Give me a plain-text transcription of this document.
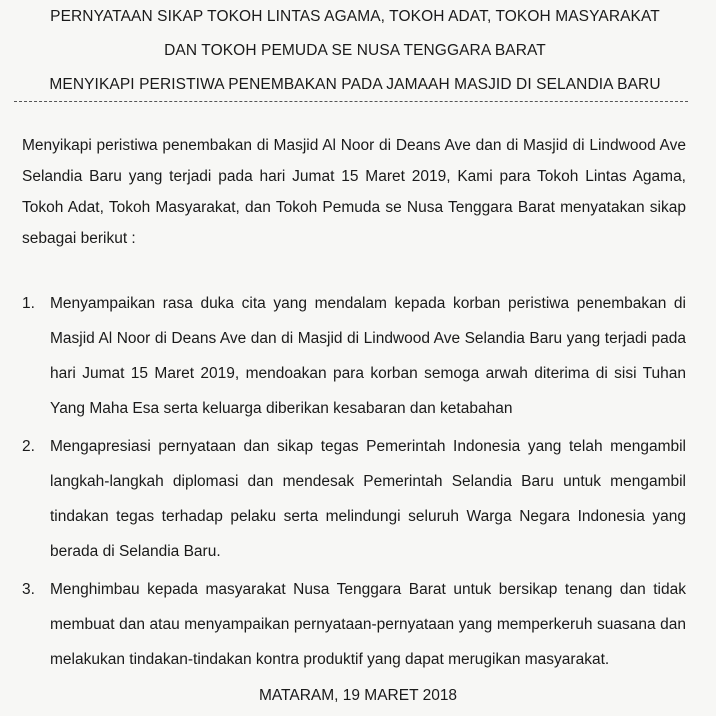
PERNYATAAN SIKAP TOKOH LINTAS AGAMA, TOKOH ADAT, TOKOH MASYARAKAT
DAN TOKOH PEMUDA SE NUSA TENGGARA BARAT
MENYIKAPI PERISTIWA PENEMBAKAN PADA JAMAAH MASJID DI SELANDIA BARU

Menyikapi peristiwa penembakan di Masjid Al Noor di Deans Ave dan di Masjid di Lindwood Ave Selandia Baru yang terjadi pada hari Jumat 15 Maret 2019, Kami para Tokoh Lintas Agama, Tokoh Adat, Tokoh Masyarakat, dan Tokoh Pemuda se Nusa Tenggara Barat menyatakan sikap sebagai berikut :

1. Menyampaikan rasa duka cita yang mendalam kepada korban peristiwa penembakan di Masjid Al Noor di Deans Ave dan di Masjid di Lindwood Ave Selandia Baru yang terjadi pada hari Jumat 15 Maret 2019, mendoakan para korban semoga arwah diterima di sisi Tuhan Yang Maha Esa serta keluarga diberikan kesabaran dan ketabahan
2. Mengapresiasi pernyataan dan sikap tegas Pemerintah Indonesia yang telah mengambil langkah-langkah diplomasi dan mendesak Pemerintah Selandia Baru untuk mengambil tindakan tegas terhadap pelaku serta melindungi seluruh Warga Negara Indonesia yang berada di Selandia Baru.
3. Menghimbau kepada masyarakat Nusa Tenggara Barat untuk bersikap tenang dan tidak membuat dan atau menyampaikan pernyataan-pernyataan yang memperkeruh suasana dan melakukan tindakan-tindakan kontra produktif yang dapat merugikan masyarakat.
MATARAM, 19 MARET 2018
